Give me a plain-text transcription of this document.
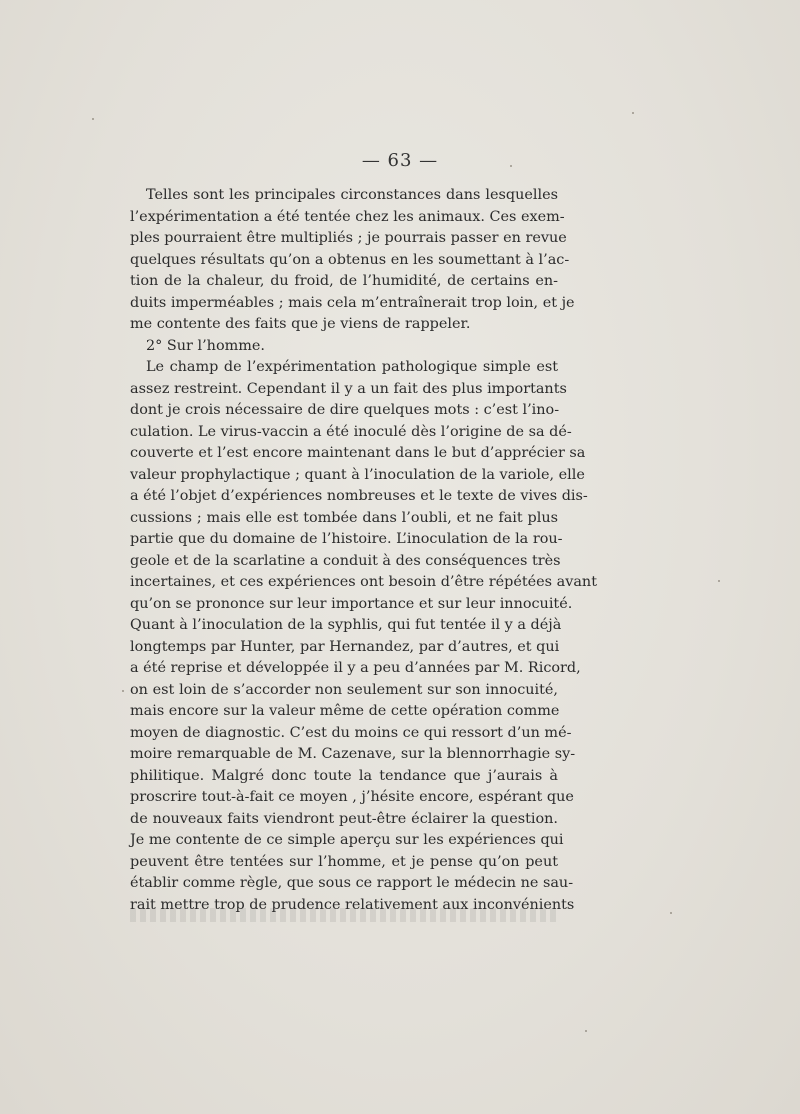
— 63 —
Telles sont les principales circonstances dans lesquelles
l’expérimentation a été tentée chez les animaux. Ces exem-
ples pourraient être multipliés ; je pourrais passer en revue
quelques résultats qu’on a obtenus en les soumettant à l’ac-
tion de la chaleur, du froid, de l’humidité, de certains en-
duits imperméables ; mais cela m’entraînerait trop loin, et je
me contente des faits que je viens de rappeler.
2° Sur l’homme.
Le champ de l’expérimentation pathologique simple est
assez restreint. Cependant il y a un fait des plus importants
dont je crois nécessaire de dire quelques mots : c’est l’ino-
culation. Le virus-vaccin a été inoculé dès l’origine de sa dé-
couverte et l’est encore maintenant dans le but d’apprécier sa
valeur prophylactique ; quant à l’inoculation de la variole, elle
a été l’objet d’expériences nombreuses et le texte de vives dis-
cussions ; mais elle est tombée dans l’oubli, et ne fait plus
partie que du domaine de l’histoire. L’inoculation de la rou-
geole et de la scarlatine a conduit à des conséquences très
incertaines, et ces expériences ont besoin d’être répétées avant
qu’on se prononce sur leur importance et sur leur innocuité.
Quant à l’inoculation de la syphlis, qui fut tentée il y a déjà
longtemps par Hunter, par Hernandez, par d’autres, et qui
a été reprise et développée il y a peu d’années par M. Ricord,
on est loin de s’accorder non seulement sur son innocuité,
mais encore sur la valeur même de cette opération comme
moyen de diagnostic. C’est du moins ce qui ressort d’un mé-
moire remarquable de M. Cazenave, sur la blennorrhagie sy-
philitique. Malgré donc toute la tendance que j’aurais à
proscrire tout-à-fait ce moyen , j’hésite encore, espérant que
de nouveaux faits viendront peut-être éclairer la question.
Je me contente de ce simple aperçu sur les expériences qui
peuvent être tentées sur l’homme, et je pense qu’on peut
établir comme règle, que sous ce rapport le médecin ne sau-
rait mettre trop de prudence relativement aux inconvénients
